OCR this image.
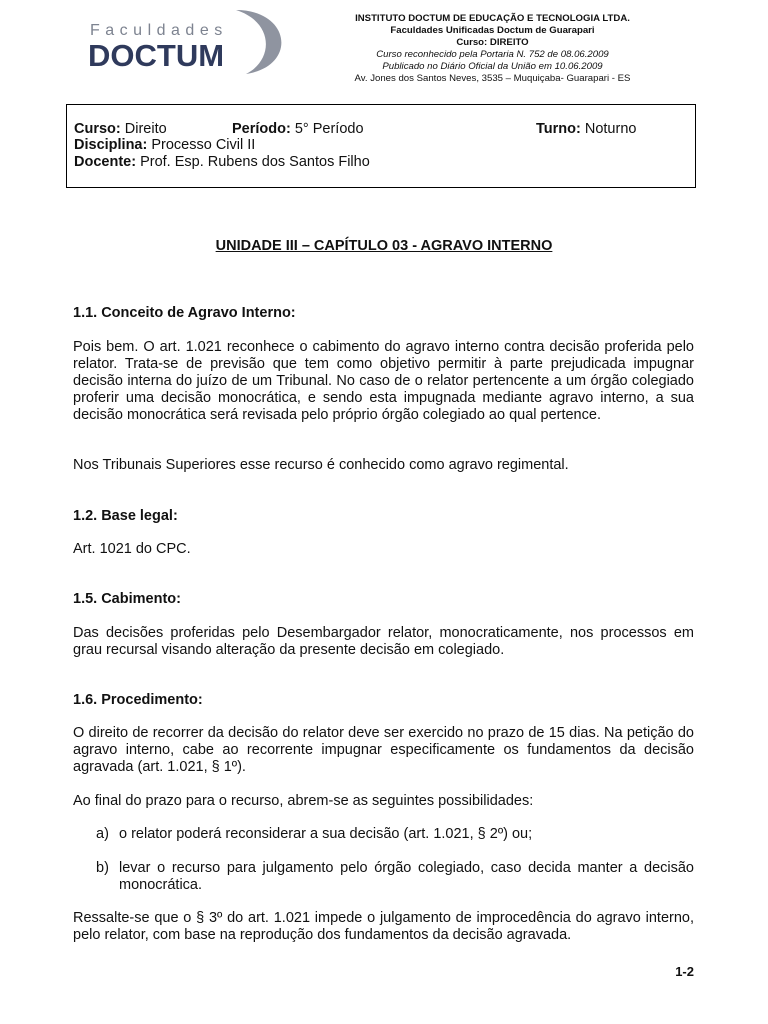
Faculdades
DOCTUM
INSTITUTO DOCTUM DE EDUCAÇÃO E TECNOLOGIA LTDA.
Faculdades Unificadas Doctum de Guarapari
Curso: DIREITO
Curso reconhecido pela Portaria N. 752 de 08.06.2009
Publicado no Diário Oficial da União em 10.06.2009
Av. Jones dos Santos Neves, 3535 – Muquiçaba- Guarapari - ES
Curso: Direito	Período: 5° Período	Turno: Noturno
Disciplina: Processo Civil II
Docente: Prof. Esp. Rubens dos Santos Filho
UNIDADE III – CAPÍTULO 03 - AGRAVO INTERNO
1.1. Conceito de Agravo Interno:
Pois bem. O art. 1.021 reconhece o cabimento do agravo interno contra decisão proferida pelo relator. Trata-se de previsão que tem como objetivo permitir à parte prejudicada impugnar decisão interna do juízo de um Tribunal. No caso de o relator pertencente a um órgão colegiado proferir uma decisão monocrática, e sendo esta impugnada mediante agravo interno, a sua decisão monocrática será revisada pelo próprio órgão colegiado ao qual pertence.
Nos Tribunais Superiores esse recurso é conhecido como agravo regimental.
1.2. Base legal:
Art. 1021 do CPC.
1.5. Cabimento:
Das decisões proferidas pelo Desembargador relator, monocraticamente, nos processos em grau recursal visando alteração da presente decisão em colegiado.
1.6. Procedimento:
O direito de recorrer da decisão do relator deve ser exercido no prazo de 15 dias. Na petição do agravo interno, cabe ao recorrente impugnar especificamente os fundamentos da decisão agravada (art. 1.021, § 1º).
Ao final do prazo para o recurso, abrem-se as seguintes possibilidades:
a) o relator poderá reconsiderar a sua decisão (art. 1.021, § 2º) ou;
b) levar o recurso para julgamento pelo órgão colegiado, caso decida manter a decisão monocrática.
Ressalte-se que o § 3º do art. 1.021 impede o julgamento de improcedência do agravo interno, pelo relator, com base na reprodução dos fundamentos da decisão agravada.
1-2
